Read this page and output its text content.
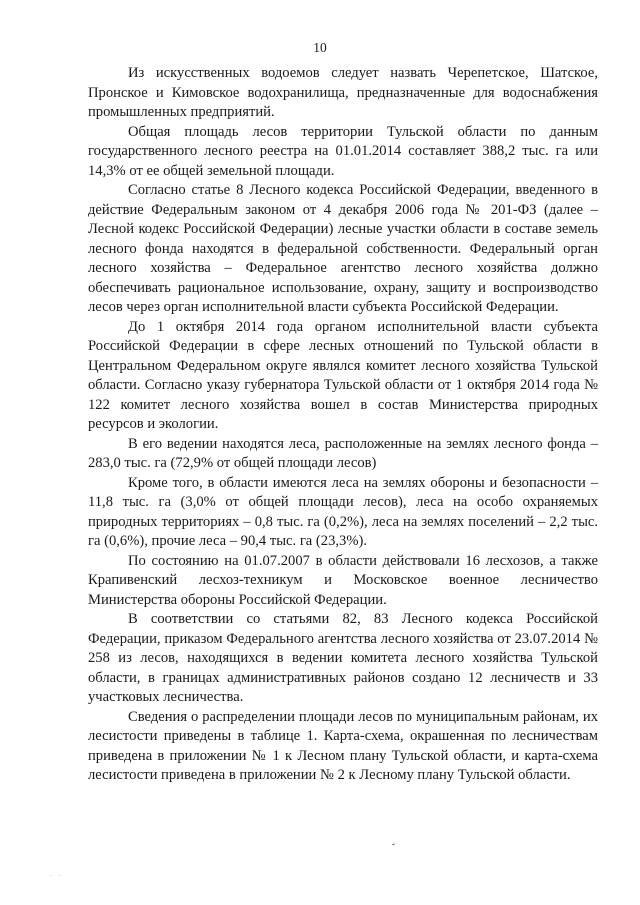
10

Из искусственных водоемов следует назвать Черепетское, Шатское, Пронское и Кимовское водохранилища, предназначенные для водоснабжения промышленных предприятий.

Общая площадь лесов территории Тульской области по данным государственного лесного реестра на 01.01.2014 составляет 388,2 тыс. га или 14,3% от ее общей земельной площади.

Согласно статье 8 Лесного кодекса Российской Федерации, введенного в действие Федеральным законом от 4 декабря 2006 года № 201-ФЗ (далее – Лесной кодекс Российской Федерации) лесные участки области в составе земель лесного фонда находятся в федеральной собственности. Федеральный орган лесного хозяйства – Федеральное агентство лесного хозяйства должно обеспечивать рациональное использование, охрану, защиту и воспроизводство лесов через орган исполнительной власти субъекта Российской Федерации.

До 1 октября 2014 года органом исполнительной власти субъекта Российской Федерации в сфере лесных отношений по Тульской области в Центральном Федеральном округе являлся комитет лесного хозяйства Тульской области. Согласно указу губернатора Тульской области от 1 октября 2014 года № 122 комитет лесного хозяйства вошел в состав Министерства природных ресурсов и экологии.

В его ведении находятся леса, расположенные на землях лесного фонда – 283,0 тыс. га (72,9% от общей площади лесов)

Кроме того, в области имеются леса на землях обороны и безопасности – 11,8 тыс. га (3,0% от общей площади лесов), леса на особо охраняемых природных территориях – 0,8 тыс. га (0,2%), леса на землях поселений – 2,2 тыс. га (0,6%), прочие леса – 90,4 тыс. га (23,3%).

По состоянию на 01.07.2007 в области действовали 16 лесхозов, а также Крапивенский лесхоз-техникум и Московское военное лесничество Министерства обороны Российской Федерации.

В соответствии со статьями 82, 83 Лесного кодекса Российской Федерации, приказом Федерального агентства лесного хозяйства от 23.07.2014 № 258 из лесов, находящихся в ведении комитета лесного хозяйства Тульской области, в границах административных районов создано 12 лесничеств и 33 участковых лесничества.

Сведения о распределении площади лесов по муниципальным районам, их лесистости приведены в таблице 1. Карта-схема, окрашенная по лесничествам приведена в приложении № 1 к Лесном плану Тульской области, и карта-схема лесистости приведена в приложении № 2 к Лесному плану Тульской области.

ˇ
· ·
